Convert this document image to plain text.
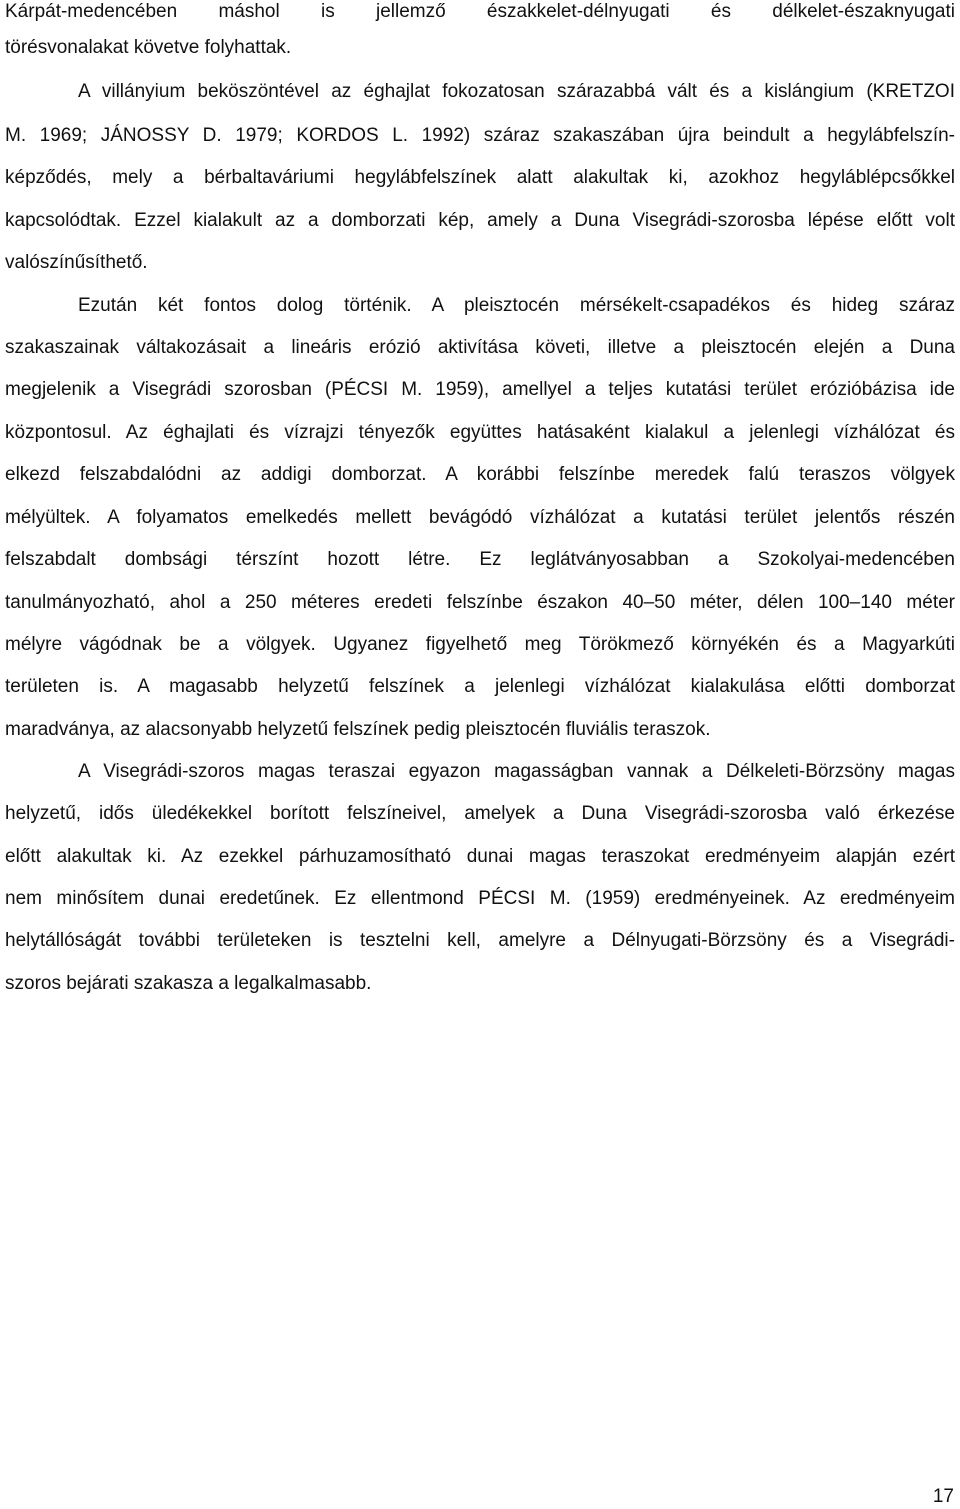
Kárpát-medencében máshol is jellemző északkelet-délnyugati és délkelet-északnyugati

törésvonalakat követve folyhattak.

A villányium beköszöntével az éghajlat fokozatosan szárazabbá vált és a kislángium (KRETZOI

M. 1969; JÁNOSSY D. 1979; KORDOS L. 1992) száraz szakaszában újra beindult a hegylábfelszín-

képződés, mely a bérbaltaváriumi hegylábfelszínek alatt alakultak ki, azokhoz hegyláblépcsőkkel

kapcsolódtak. Ezzel kialakult az a domborzati kép, amely a Duna Visegrádi-szorosba lépése előtt volt

valószínűsíthető.

Ezután két fontos dolog történik. A pleisztocén mérsékelt-csapadékos és hideg száraz

szakaszainak váltakozásait a lineáris erózió aktivítása követi, illetve a pleisztocén elején a Duna

megjelenik a Visegrádi szorosban (PÉCSI M. 1959), amellyel a teljes kutatási terület erózióbázisa ide

központosul. Az éghajlati és vízrajzi tényezők együttes hatásaként kialakul a jelenlegi vízhálózat és

elkezd felszabdalódni az addigi domborzat. A korábbi felszínbe meredek falú teraszos völgyek

mélyültek. A folyamatos emelkedés mellett bevágódó vízhálózat a kutatási terület jelentős részén

felszabdalt dombsági térszínt hozott létre. Ez leglátványosabban a Szokolyai-medencében

tanulmányozható, ahol a 250 méteres eredeti felszínbe északon 40–50 méter, délen 100–140 méter

mélyre vágódnak be a völgyek. Ugyanez figyelhető meg Törökmező környékén és a Magyarkúti

területen is. A magasabb helyzetű felszínek a jelenlegi vízhálózat kialakulása előtti domborzat

maradványa, az alacsonyabb helyzetű felszínek pedig pleisztocén fluviális teraszok.

A Visegrádi-szoros magas teraszai egyazon magasságban vannak a Délkeleti-Börzsöny magas

helyzetű, idős üledékekkel borított felszíneivel, amelyek a Duna Visegrádi-szorosba való érkezése

előtt alakultak ki. Az ezekkel párhuzamosítható dunai magas teraszokat eredményeim alapján ezért

nem minősítem dunai eredetűnek. Ez ellentmond PÉCSI M. (1959) eredményeinek. Az eredményeim

helytállóságát további területeken is tesztelni kell, amelyre a Délnyugati-Börzsöny és a Visegrádi-

szoros bejárati szakasza a legalkalmasabb.

17
